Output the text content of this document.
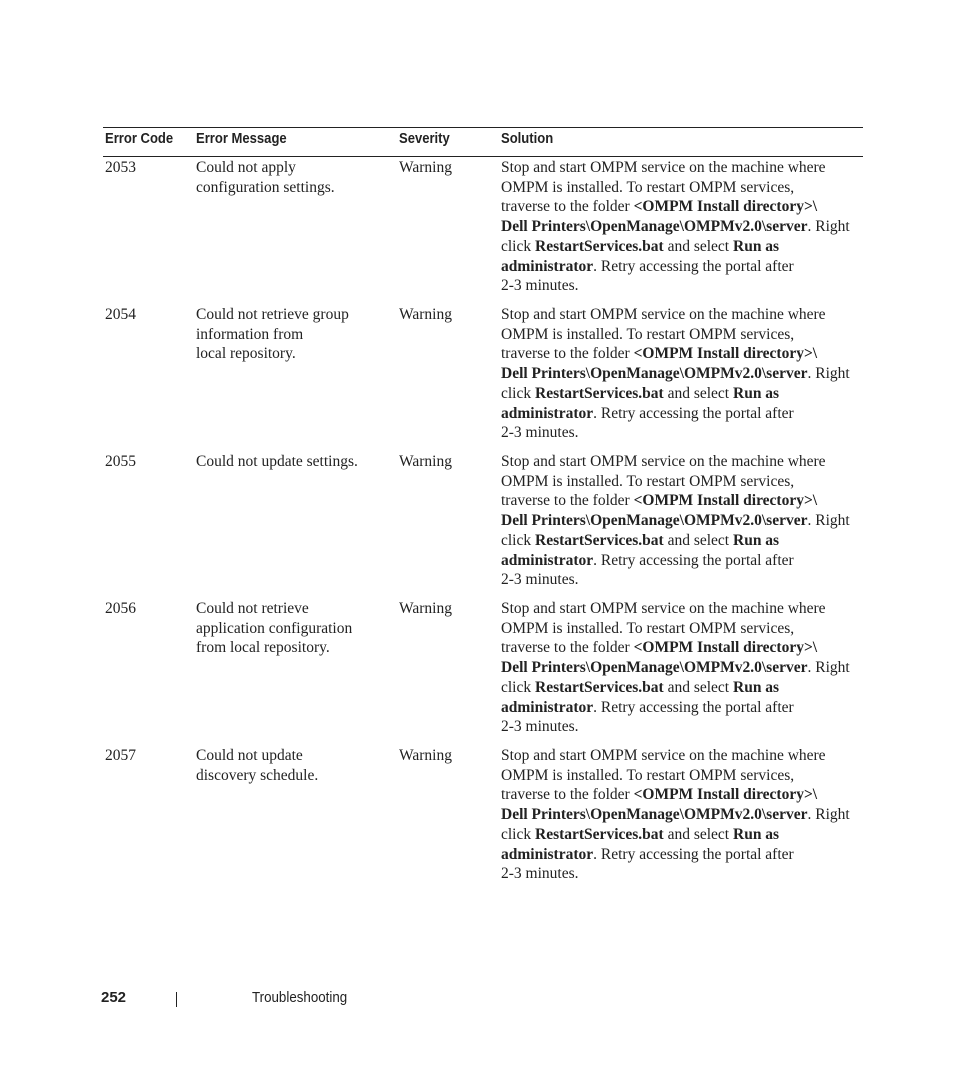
Error Code Error Message	Severity	Solution
2053	Could not apply
configuration settings.
Warning	Stop and start OMPM service on the machine where
OMPM is installed. To restart OMPM services,
traverse to the folder <OMPM Install directory>\
Dell Printers\OpenManage\OMPMv2.0\server. Right
click RestartServices.bat and select Run as
administrator. Retry accessing the portal after
2-3 minutes.
2054	Could not retrieve group
information from
local repository.
Warning	Stop and start OMPM service on the machine where
OMPM is installed. To restart OMPM services,
traverse to the folder <OMPM Install directory>\
Dell Printers\OpenManage\OMPMv2.0\server. Right
click RestartServices.bat and select Run as
administrator. Retry accessing the portal after
2-3 minutes.
2055	Could not update settings.	Warning	Stop and start OMPM service on the machine where
OMPM is installed. To restart OMPM services,
traverse to the folder <OMPM Install directory>\
Dell Printers\OpenManage\OMPMv2.0\server. Right
click RestartServices.bat and select Run as
administrator. Retry accessing the portal after
2-3 minutes.
2056	Could not retrieve
application configuration
from local repository.
Warning	Stop and start OMPM service on the machine where
OMPM is installed. To restart OMPM services,
traverse to the folder <OMPM Install directory>\
Dell Printers\OpenManage\OMPMv2.0\server. Right
click RestartServices.bat and select Run as
administrator. Retry accessing the portal after
2-3 minutes.
2057	Could not update
discovery schedule.
Warning	Stop and start OMPM service on the machine where
OMPM is installed. To restart OMPM services,
traverse to the folder <OMPM Install directory>\
Dell Printers\OpenManage\OMPMv2.0\server. Right
click RestartServices.bat and select Run as
administrator. Retry accessing the portal after
2-3 minutes.
252	Troubleshooting
